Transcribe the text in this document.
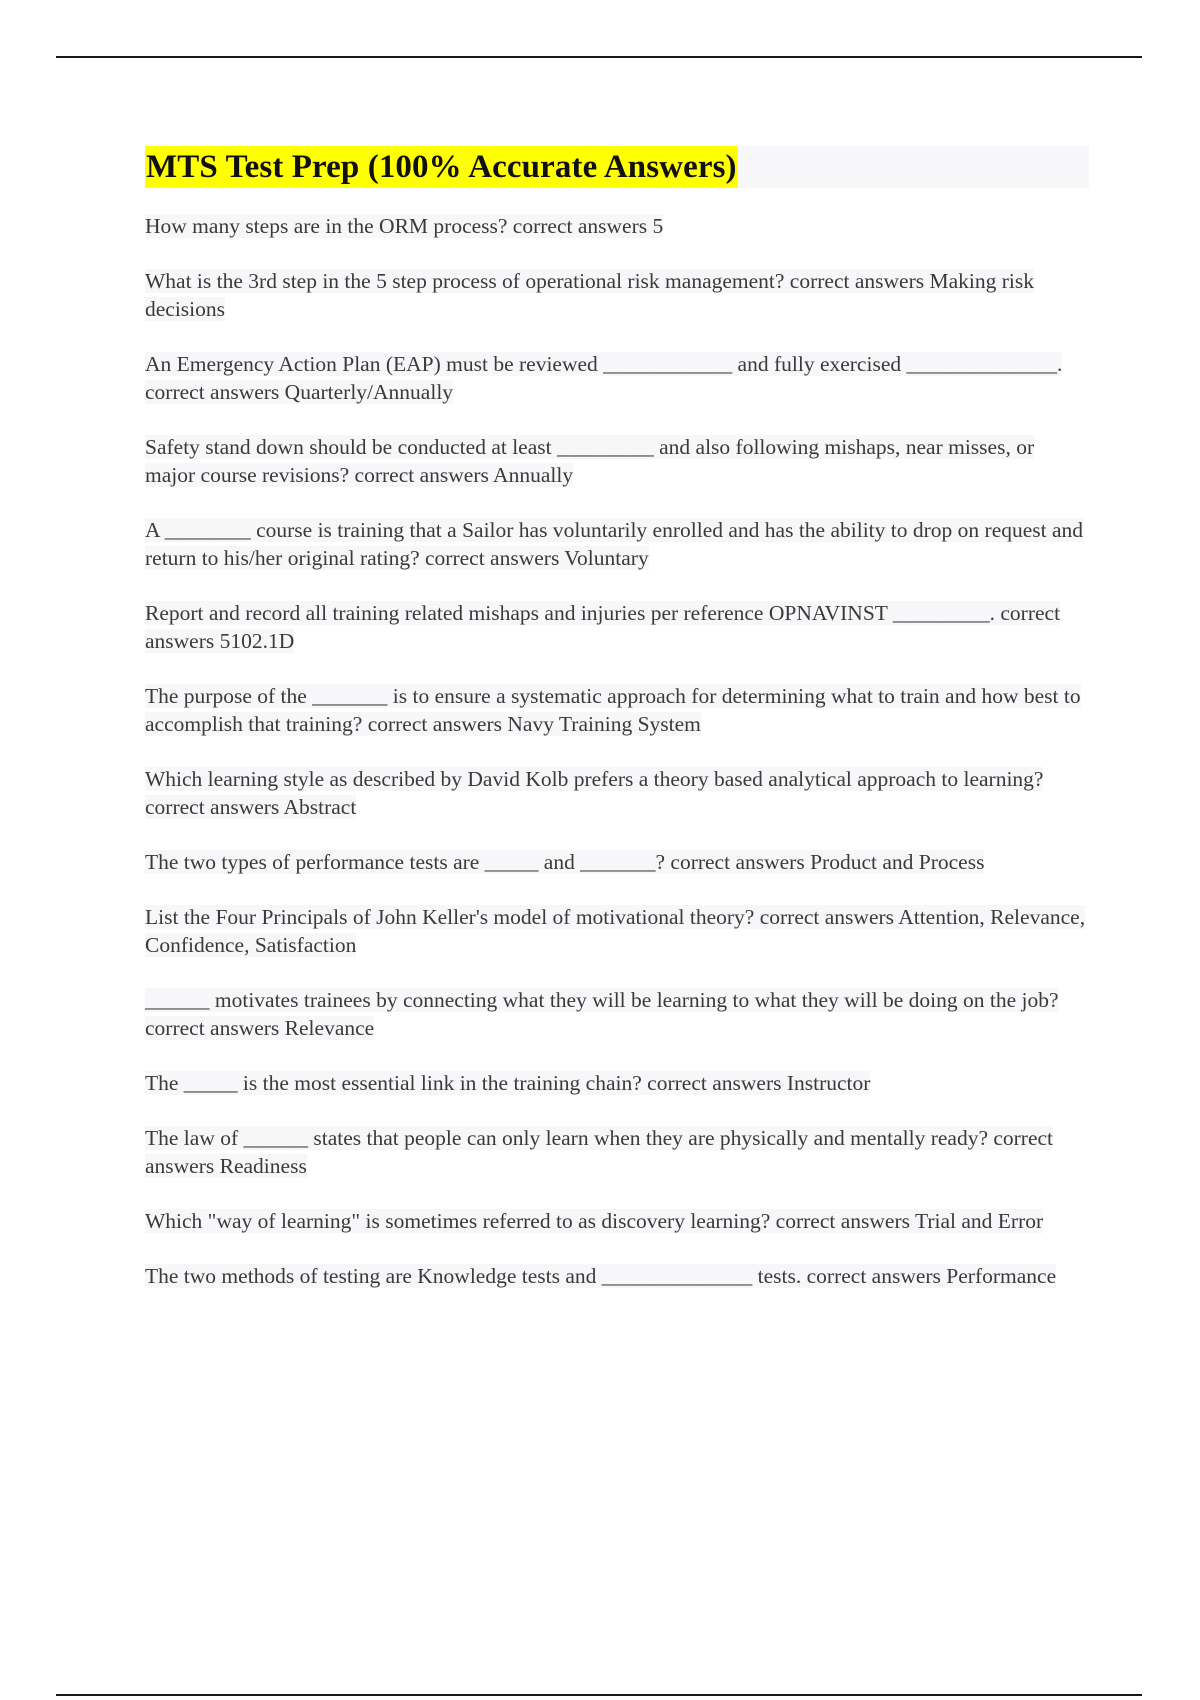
MTS Test Prep (100% Accurate Answers)
How many steps are in the ORM process? correct answers 5
What is the 3rd step in the 5 step process of operational risk management? correct answers Making risk decisions
An Emergency Action Plan (EAP) must be reviewed ____________ and fully exercised ______________. correct answers Quarterly/Annually
Safety stand down should be conducted at least _________ and also following mishaps, near misses, or major course revisions? correct answers Annually
A ________ course is training that a Sailor has voluntarily enrolled and has the ability to drop on request and return to his/her original rating? correct answers Voluntary
Report and record all training related mishaps and injuries per reference OPNAVINST _________. correct answers 5102.1D
The purpose of the _______ is to ensure a systematic approach for determining what to train and how best to accomplish that training? correct answers Navy Training System
Which learning style as described by David Kolb prefers a theory based analytical approach to learning? correct answers Abstract
The two types of performance tests are _____ and _______? correct answers Product and Process
List the Four Principals of John Keller's model of motivational theory? correct answers Attention, Relevance, Confidence, Satisfaction
______ motivates trainees by connecting what they will be learning to what they will be doing on the job? correct answers Relevance
The _____ is the most essential link in the training chain? correct answers Instructor
The law of ______ states that people can only learn when they are physically and mentally ready? correct answers Readiness
Which "way of learning" is sometimes referred to as discovery learning? correct answers Trial and Error
The two methods of testing are Knowledge tests and ______________ tests. correct answers Performance
